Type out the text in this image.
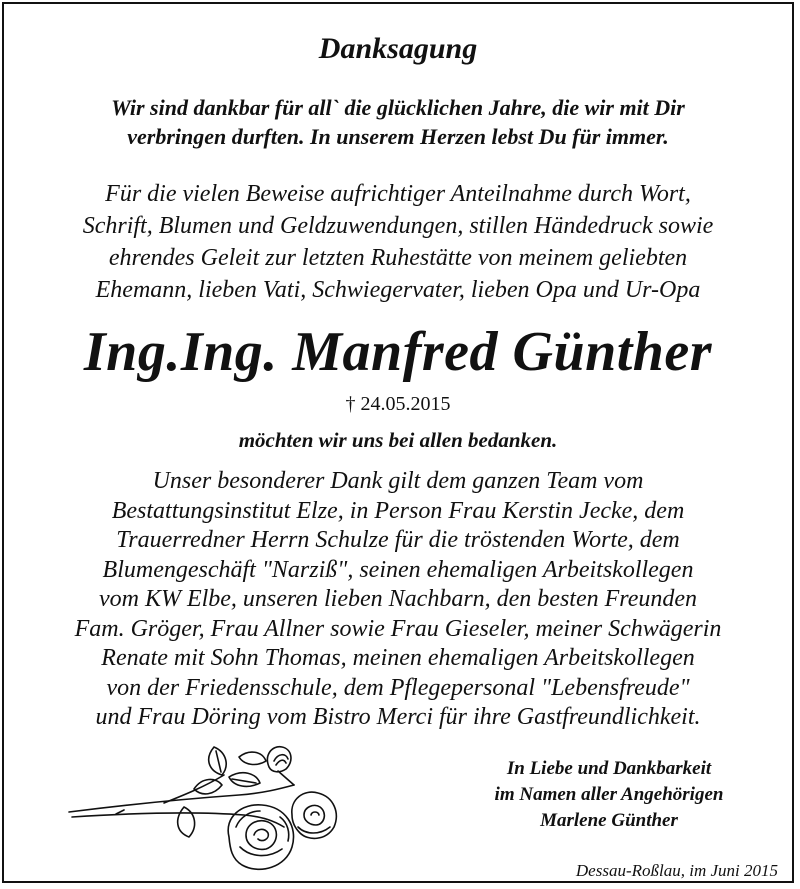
Danksagung
Wir sind dankbar für all` die glücklichen Jahre, die wir mit Dir
verbringen durften. In unserem Herzen lebst Du für immer.
Für die vielen Beweise aufrichtiger Anteilnahme durch Wort,
Schrift, Blumen und Geldzuwendungen, stillen Händedruck sowie
ehrendes Geleit zur letzten Ruhestätte von meinem geliebten
Ehemann, lieben Vati, Schwiegervater, lieben Opa und Ur-Opa
Ing.Ing. Manfred Günther
† 24.05.2015
möchten wir uns bei allen bedanken.
Unser besonderer Dank gilt dem ganzen Team vom
Bestattungsinstitut Elze, in Person Frau Kerstin Jecke, dem
Trauerredner Herrn Schulze für die tröstenden Worte, dem
Blumengeschäft "Narziß", seinen ehemaligen Arbeitskollegen
vom KW Elbe, unseren lieben Nachbarn, den besten Freunden
Fam. Gröger, Frau Allner sowie Frau Gieseler, meiner Schwägerin
Renate mit Sohn Thomas, meinen ehemaligen Arbeitskollegen
von der Friedensschule, dem Pflegepersonal "Lebensfreude"
und Frau Döring vom Bistro Merci für ihre Gastfreundlichkeit.
In Liebe und Dankbarkeit
im Namen aller Angehörigen
Marlene Günther
Dessau-Roßlau, im Juni 2015
